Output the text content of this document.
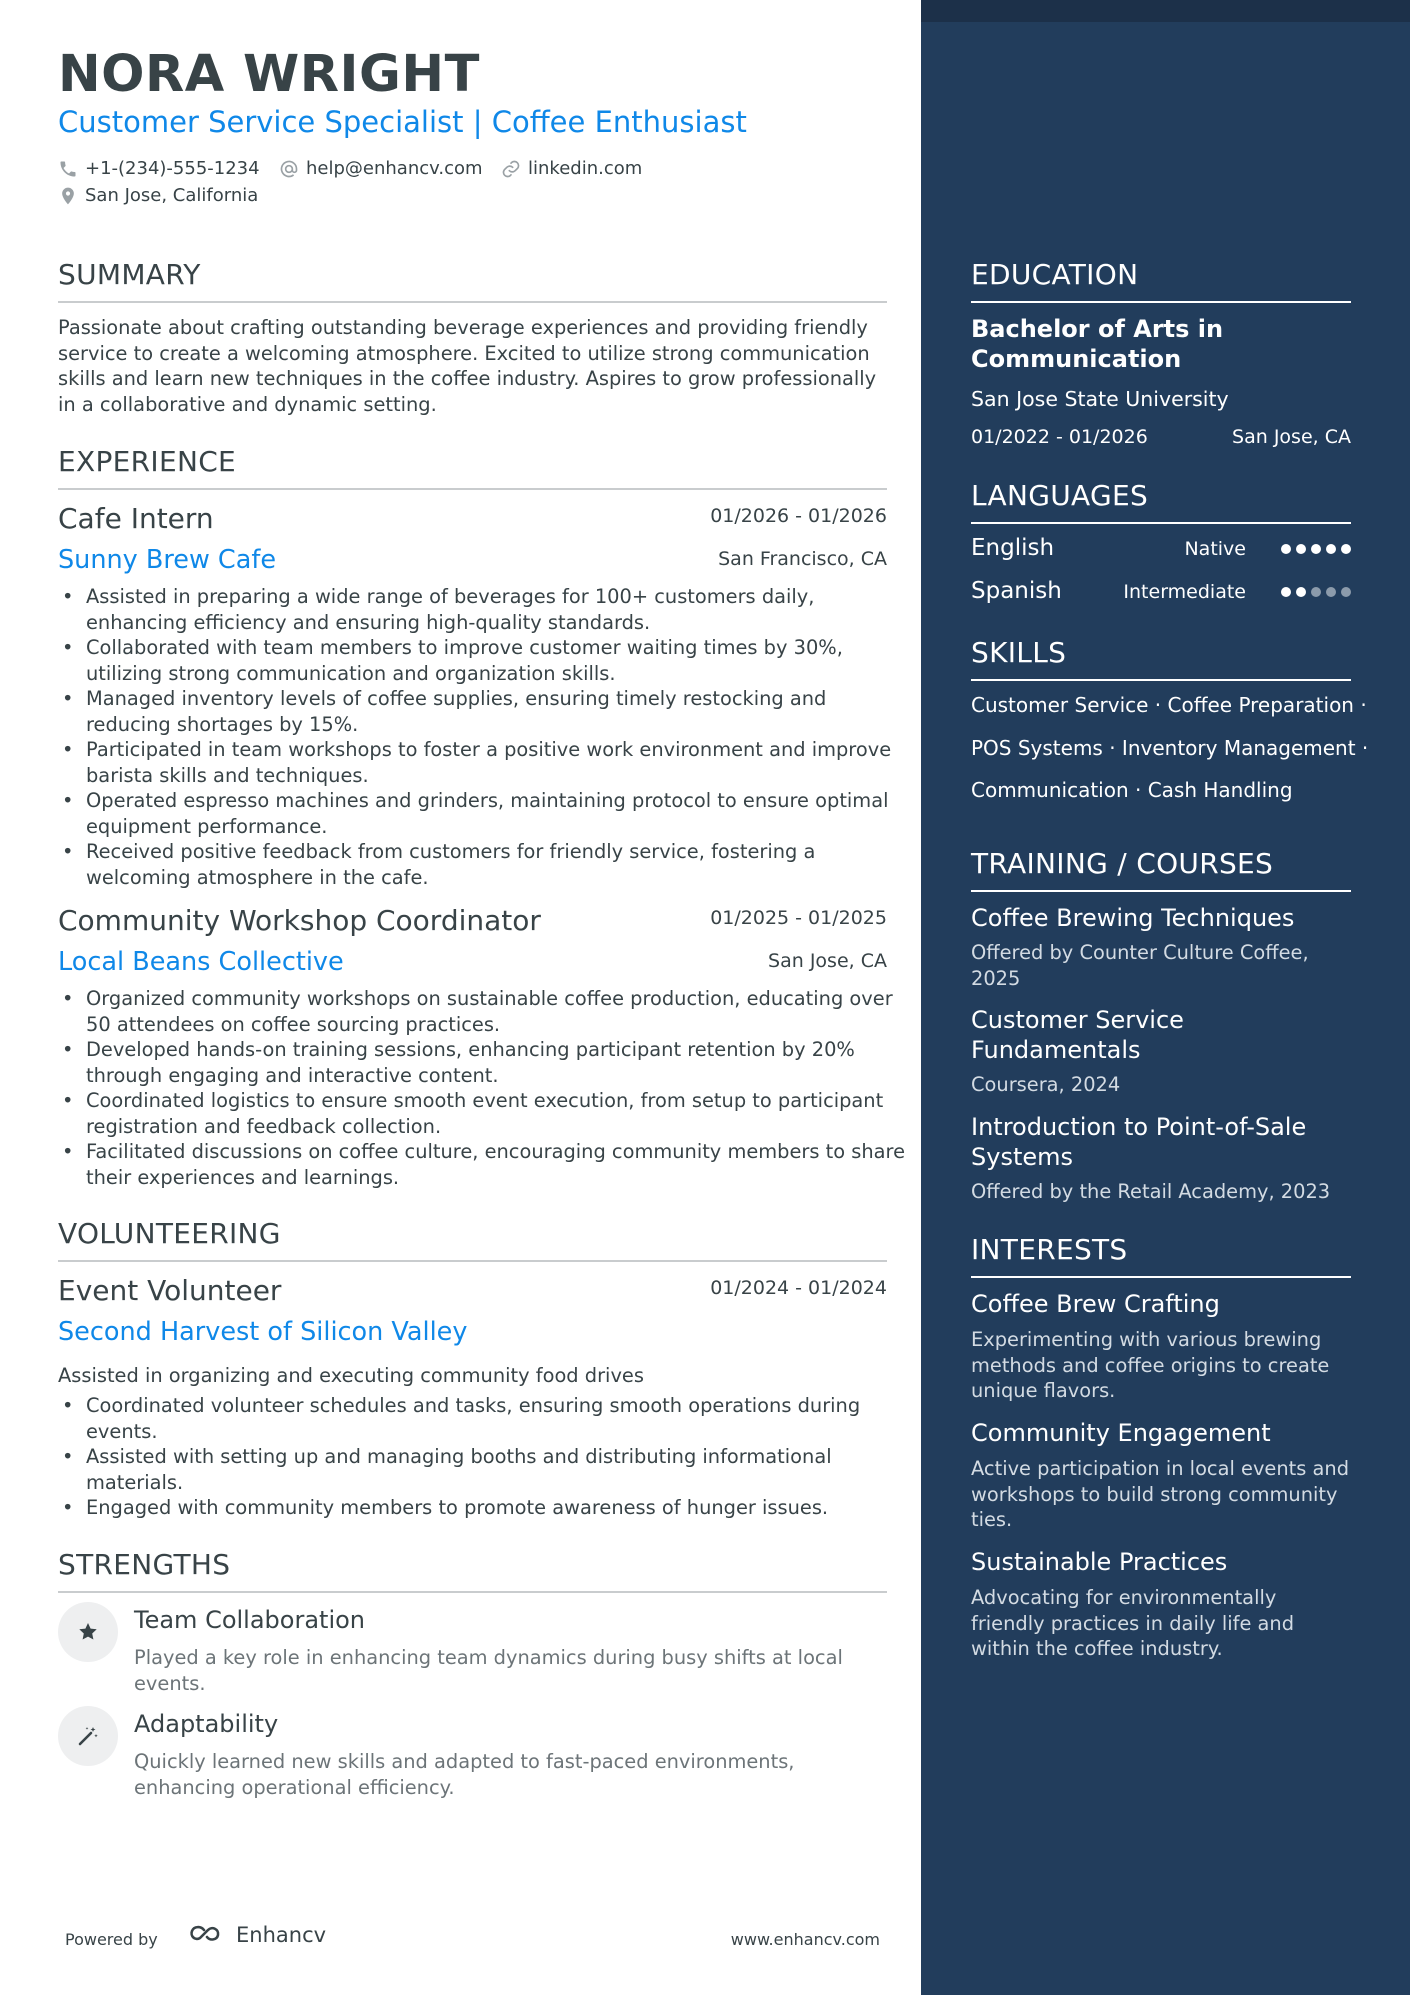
NORA WRIGHT
Customer Service Specialist | Coffee Enthusiast
+1-(234)-555-1234	help@enhancv.com	linkedin.com
San Jose, California
SUMMARY
Passionate about crafting outstanding beverage experiences and providing friendly service to create a welcoming atmosphere. Excited to utilize strong communication skills and learn new techniques in the coffee industry. Aspires to grow professionally in a collaborative and dynamic setting.
EXPERIENCE
Cafe Intern	01/2026 - 01/2026
Sunny Brew Cafe	San Francisco, CA
• Assisted in preparing a wide range of beverages for 100+ customers daily, enhancing efficiency and ensuring high-quality standards.
• Collaborated with team members to improve customer waiting times by 30%, utilizing strong communication and organization skills.
• Managed inventory levels of coffee supplies, ensuring timely restocking and reducing shortages by 15%.
• Participated in team workshops to foster a positive work environment and improve barista skills and techniques.
• Operated espresso machines and grinders, maintaining protocol to ensure optimal equipment performance.
• Received positive feedback from customers for friendly service, fostering a welcoming atmosphere in the cafe.
Community Workshop Coordinator	01/2025 - 01/2025
Local Beans Collective	San Jose, CA
• Organized community workshops on sustainable coffee production, educating over 50 attendees on coffee sourcing practices.
• Developed hands-on training sessions, enhancing participant retention by 20% through engaging and interactive content.
• Coordinated logistics to ensure smooth event execution, from setup to participant registration and feedback collection.
• Facilitated discussions on coffee culture, encouraging community members to share their experiences and learnings.
VOLUNTEERING
Event Volunteer	01/2024 - 01/2024
Second Harvest of Silicon Valley
Assisted in organizing and executing community food drives
• Coordinated volunteer schedules and tasks, ensuring smooth operations during events.
• Assisted with setting up and managing booths and distributing informational materials.
• Engaged with community members to promote awareness of hunger issues.
STRENGTHS
Team Collaboration
Played a key role in enhancing team dynamics during busy shifts at local events.
Adaptability
Quickly learned new skills and adapted to fast-paced environments, enhancing operational efficiency.
Powered by	Enhancv	www.enhancv.com
EDUCATION
Bachelor of Arts in Communication
San Jose State University
01/2022 - 01/2026	San Jose, CA
LANGUAGES
English	Native
Spanish	Intermediate
SKILLS
Customer Service · Coffee Preparation ·
POS Systems · Inventory Management ·
Communication · Cash Handling
TRAINING / COURSES
Coffee Brewing Techniques
Offered by Counter Culture Coffee, 2025
Customer Service Fundamentals
Coursera, 2024
Introduction to Point-of-Sale Systems
Offered by the Retail Academy, 2023
INTERESTS
Coffee Brew Crafting
Experimenting with various brewing methods and coffee origins to create unique flavors.
Community Engagement
Active participation in local events and workshops to build strong community ties.
Sustainable Practices
Advocating for environmentally friendly practices in daily life and within the coffee industry.
